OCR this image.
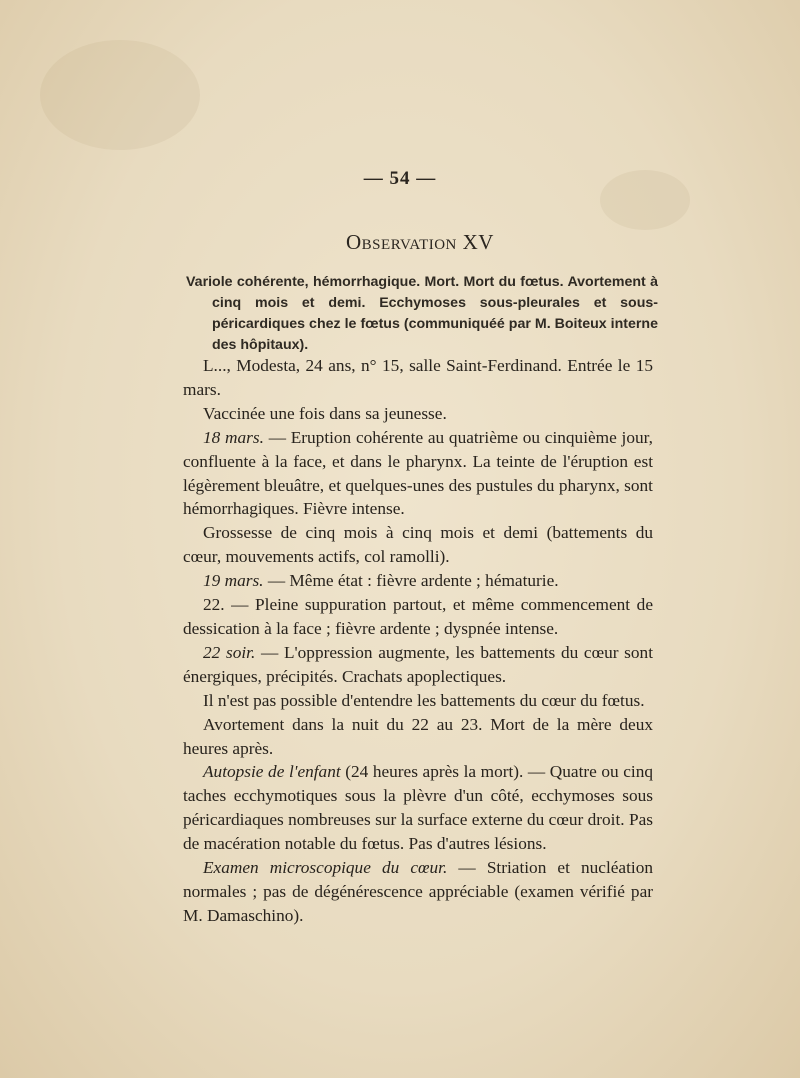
— 54 —
Observation XV

Variole cohérente, hémorrhagique. Mort. Mort du fœtus. Avortement à cinq mois et demi. Ecchymoses sous-pleurales et sous-péricardiques chez le fœtus (communiquéé par M. Boiteux interne des hôpitaux).

L..., Modesta, 24 ans, n° 15, salle Saint-Ferdinand. Entrée le 15 mars.

Vaccinée une fois dans sa jeunesse.

18 mars. — Eruption cohérente au quatrième ou cinquième jour, confluente à la face, et dans le pharynx. La teinte de l'éruption est légèrement bleuâtre, et quelques-unes des pustules du pharynx, sont hémorrhagiques. Fièvre intense.

Grossesse de cinq mois à cinq mois et demi (battements du cœur, mouvements actifs, col ramolli).

19 mars. — Même état : fièvre ardente ; hématurie.

22. — Pleine suppuration partout, et même commencement de dessication à la face ; fièvre ardente ; dyspnée intense.

22 soir. — L'oppression augmente, les battements du cœur sont énergiques, précipités. Crachats apoplectiques.

Il n'est pas possible d'entendre les battements du cœur du fœtus.

Avortement dans la nuit du 22 au 23. Mort de la mère deux heures après.

Autopsie de l'enfant (24 heures après la mort). — Quatre ou cinq taches ecchymotiques sous la plèvre d'un côté, ecchymoses sous péricardiaques nombreuses sur la surface externe du cœur droit. Pas de macération notable du fœtus. Pas d'autres lésions.

Examen microscopique du cœur. — Striation et nucléation normales ; pas de dégénérescence appréciable (examen vérifié par M. Damaschino).
